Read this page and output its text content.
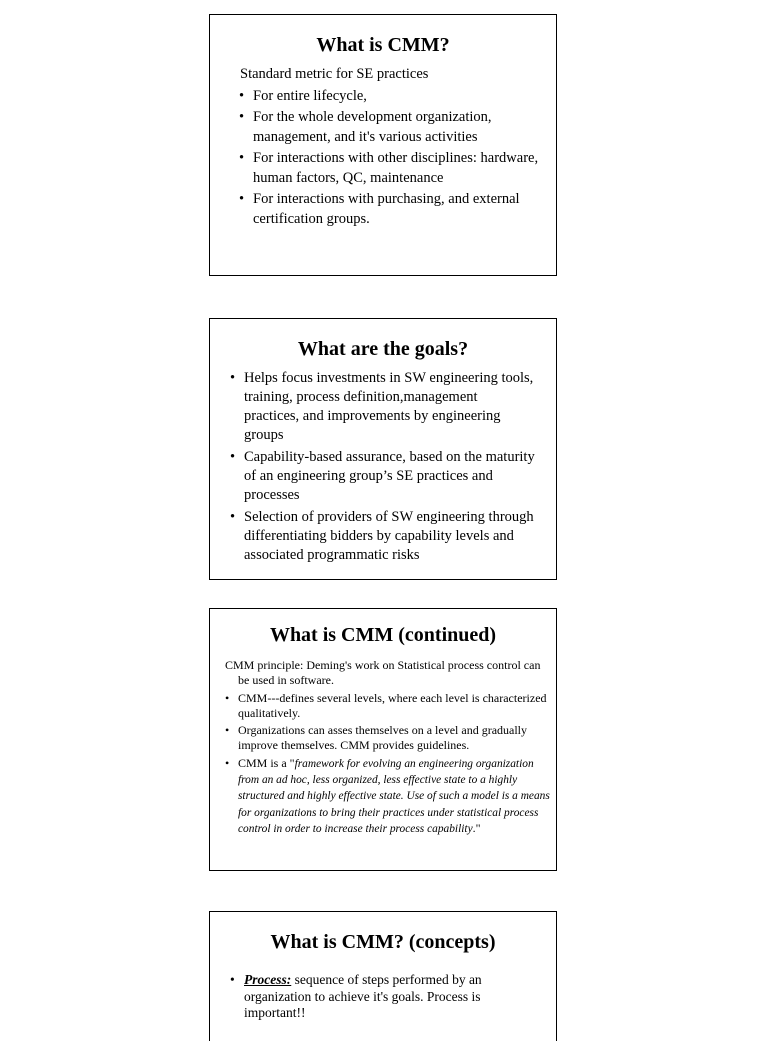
What is CMM?
Standard metric for SE practices
• For entire lifecycle,
• For the whole development organization, management, and it's various activities
• For interactions with other disciplines: hardware, human factors, QC, maintenance
• For interactions with purchasing, and external certification groups.
What are the goals?
• Helps focus investments in SW engineering tools, training, process definition,management practices, and improvements by engineering groups
• Capability-based assurance, based on the maturity of an engineering group’s SE practices and processes
• Selection of providers of SW engineering through differentiating bidders by capability levels and associated programmatic risks
What is CMM (continued)
CMM principle: Deming's work on Statistical process control can be used in software.
• CMM---defines several levels, where each level is characterized qualitatively.
• Organizations can asses themselves on a level and gradually improve themselves. CMM provides guidelines.
• CMM is a "framework for evolving an engineering organization from an ad hoc, less organized, less effective state to a highly structured and highly effective state. Use of such a model is a means for organizations to bring their practices under statistical process control in order to increase their process capability."
What is CMM? (concepts)
• Process: sequence of steps performed by an organization to achieve it's goals. Process is important!!
